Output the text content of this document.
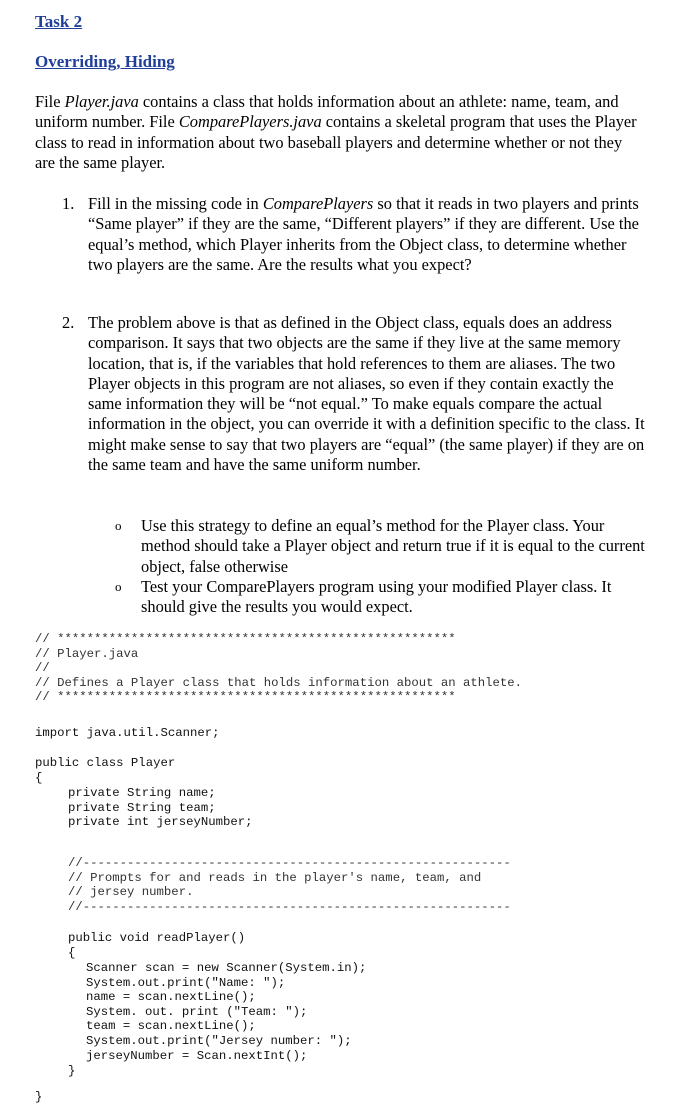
Task 2
Overriding, Hiding

File Player.java contains a class that holds information about an athlete: name, team, and uniform number. File ComparePlayers.java contains a skeletal program that uses the Player class to read in information about two baseball players and determine whether or not they are the same player.

1. Fill in the missing code in ComparePlayers so that it reads in two players and prints “Same player” if they are the same, “Different players” if they are different. Use the equal’s method, which Player inherits from the Object class, to determine whether two players are the same. Are the results what you expect?
2. The problem above is that as defined in the Object class, equals does an address comparison. It says that two objects are the same if they live at the same memory location, that is, if the variables that hold references to them are aliases. The two Player objects in this program are not aliases, so even if they contain exactly the same information they will be “not equal.” To make equals compare the actual information in the object, you can override it with a definition specific to the class. It might make sense to say that two players are “equal” (the same player) if they are on the same team and have the same uniform number.
o Use this strategy to define an equal’s method for the Player class. Your method should take a Player object and return true if it is equal to the current object, false otherwise
o Test your ComparePlayers program using your modified Player class. It should give the results you would expect.
// ******************************************************
// Player.java
//
// Defines a Player class that holds information about an athlete.
// ******************************************************
import java.util.Scanner;
public class Player
{
private String name;
private String team;
private int jerseyNumber;
//----------------------------------------------------------
// Prompts for and reads in the player's name, team, and
// jersey number.
//----------------------------------------------------------
public void readPlayer()
{
Scanner scan = new Scanner(System.in);
System.out.print("Name: ");
name = scan.nextLine();
System. out. print ("Team: ");
team = scan.nextLine();
System.out.print("Jersey number: ");
jerseyNumber = Scan.nextInt();
}
}
